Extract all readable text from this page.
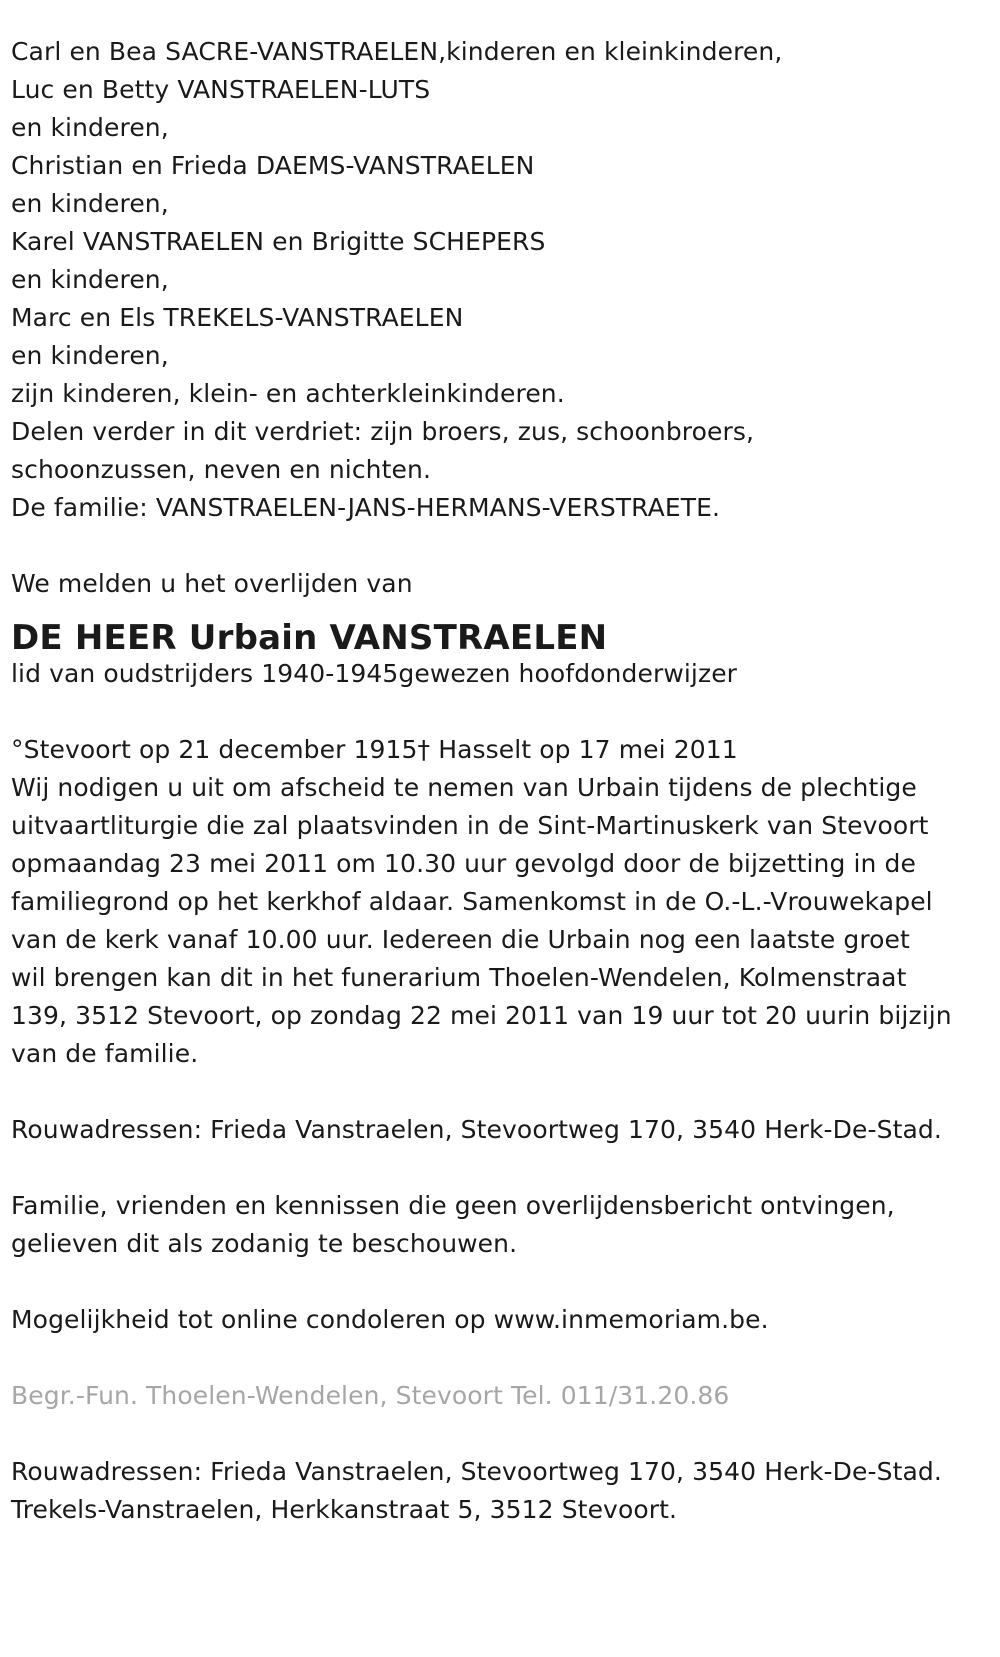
Carl en Bea SACRE-VANSTRAELEN,kinderen en kleinkinderen,
Luc en Betty VANSTRAELEN-LUTS
en kinderen,
Christian en Frieda DAEMS-VANSTRAELEN
en kinderen,
Karel VANSTRAELEN en Brigitte SCHEPERS
en kinderen,
Marc en Els TREKELS-VANSTRAELEN
en kinderen,
zijn kinderen, klein- en achterkleinkinderen.
Delen verder in dit verdriet: zijn broers, zus, schoonbroers,
schoonzussen, neven en nichten.
De familie: VANSTRAELEN-JANS-HERMANS-VERSTRAETE.
We melden u het overlijden van
DE HEER Urbain VANSTRAELEN
lid van oudstrijders 1940-1945gewezen hoofdonderwijzer
°Stevoort op 21 december 1915† Hasselt op 17 mei 2011
Wij nodigen u uit om afscheid te nemen van Urbain tijdens de plechtige
uitvaartliturgie die zal plaatsvinden in de Sint-Martinuskerk van Stevoort
opmaandag 23 mei 2011 om 10.30 uur gevolgd door de bijzetting in de
familiegrond op het kerkhof aldaar. Samenkomst in de O.-L.-Vrouwekapel
van de kerk vanaf 10.00 uur. Iedereen die Urbain nog een laatste groet
wil brengen kan dit in het funerarium Thoelen-Wendelen, Kolmenstraat
139, 3512 Stevoort, op zondag 22 mei 2011 van 19 uur tot 20 uurin bijzijn
van de familie.
Rouwadressen: Frieda Vanstraelen, Stevoortweg 170, 3540 Herk-De-Stad.
Familie, vrienden en kennissen die geen overlijdensbericht ontvingen,
gelieven dit als zodanig te beschouwen.
Mogelijkheid tot online condoleren op www.inmemoriam.be.
Begr.-Fun. Thoelen-Wendelen, Stevoort Tel. 011/31.20.86
Rouwadressen: Frieda Vanstraelen, Stevoortweg 170, 3540 Herk-De-Stad.
Trekels-Vanstraelen, Herkkanstraat 5, 3512 Stevoort.
